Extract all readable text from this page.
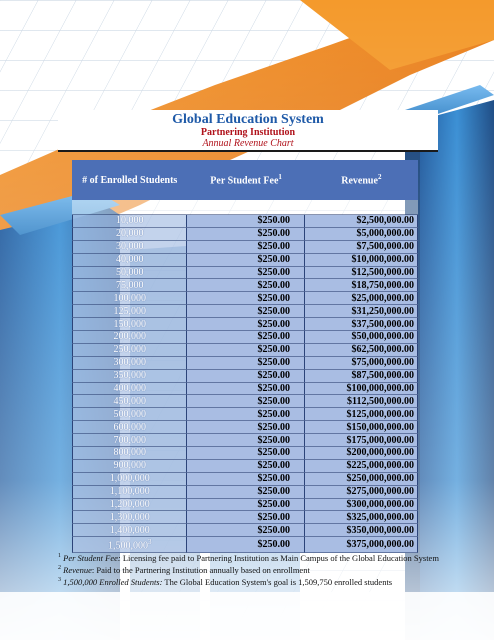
Global Education System
Partnering Institution
Annual Revenue Chart
# of Enrolled Students	Per Student Fee$^1$	Revenue$^2$

10,000	$250.00	$2,500,000.00
20,000	$250.00	$5,000,000.00
30,000	$250.00	$7,500,000.00
40,000	$250.00	$10,000,000.00
50,000	$250.00	$12,500,000.00
75,000	$250.00	$18,750,000.00
100,000	$250.00	$25,000,000.00
125,000	$250.00	$31,250,000.00
150,000	$250.00	$37,500,000.00
200,000	$250.00	$50,000,000.00
250,000	$250.00	$62,500,000.00
300,000	$250.00	$75,000,000.00
350,000	$250.00	$87,500,000.00
400,000	$250.00	$100,000,000.00
450,000	$250.00	$112,500,000.00
500,000	$250.00	$125,000,000.00
600,000	$250.00	$150,000,000.00
700,000	$250.00	$175,000,000.00
800,000	$250.00	$200,000,000.00
900,000	$250.00	$225,000,000.00
1,000,000	$250.00	$250,000,000.00
1,100,000	$250.00	$275,000,000.00
1,200,000	$250.00	$300,000,000.00
1,300,000	$250.00	$325,000,000.00
1,400,000	$250.00	$350,000,000.00
1,500,000$^3$	$250.00	$375,000,000.00

$^1$ Per Student Fee: Licensing fee paid to Partnering Institution as Main Campus of the Global Education System

$^2$ Revenue: Paid to the Partnering Institution annually based on enrollment

$^3$ 1,500,000 Enrolled Students: The Global Education System's goal is 1,509,750 enrolled students
